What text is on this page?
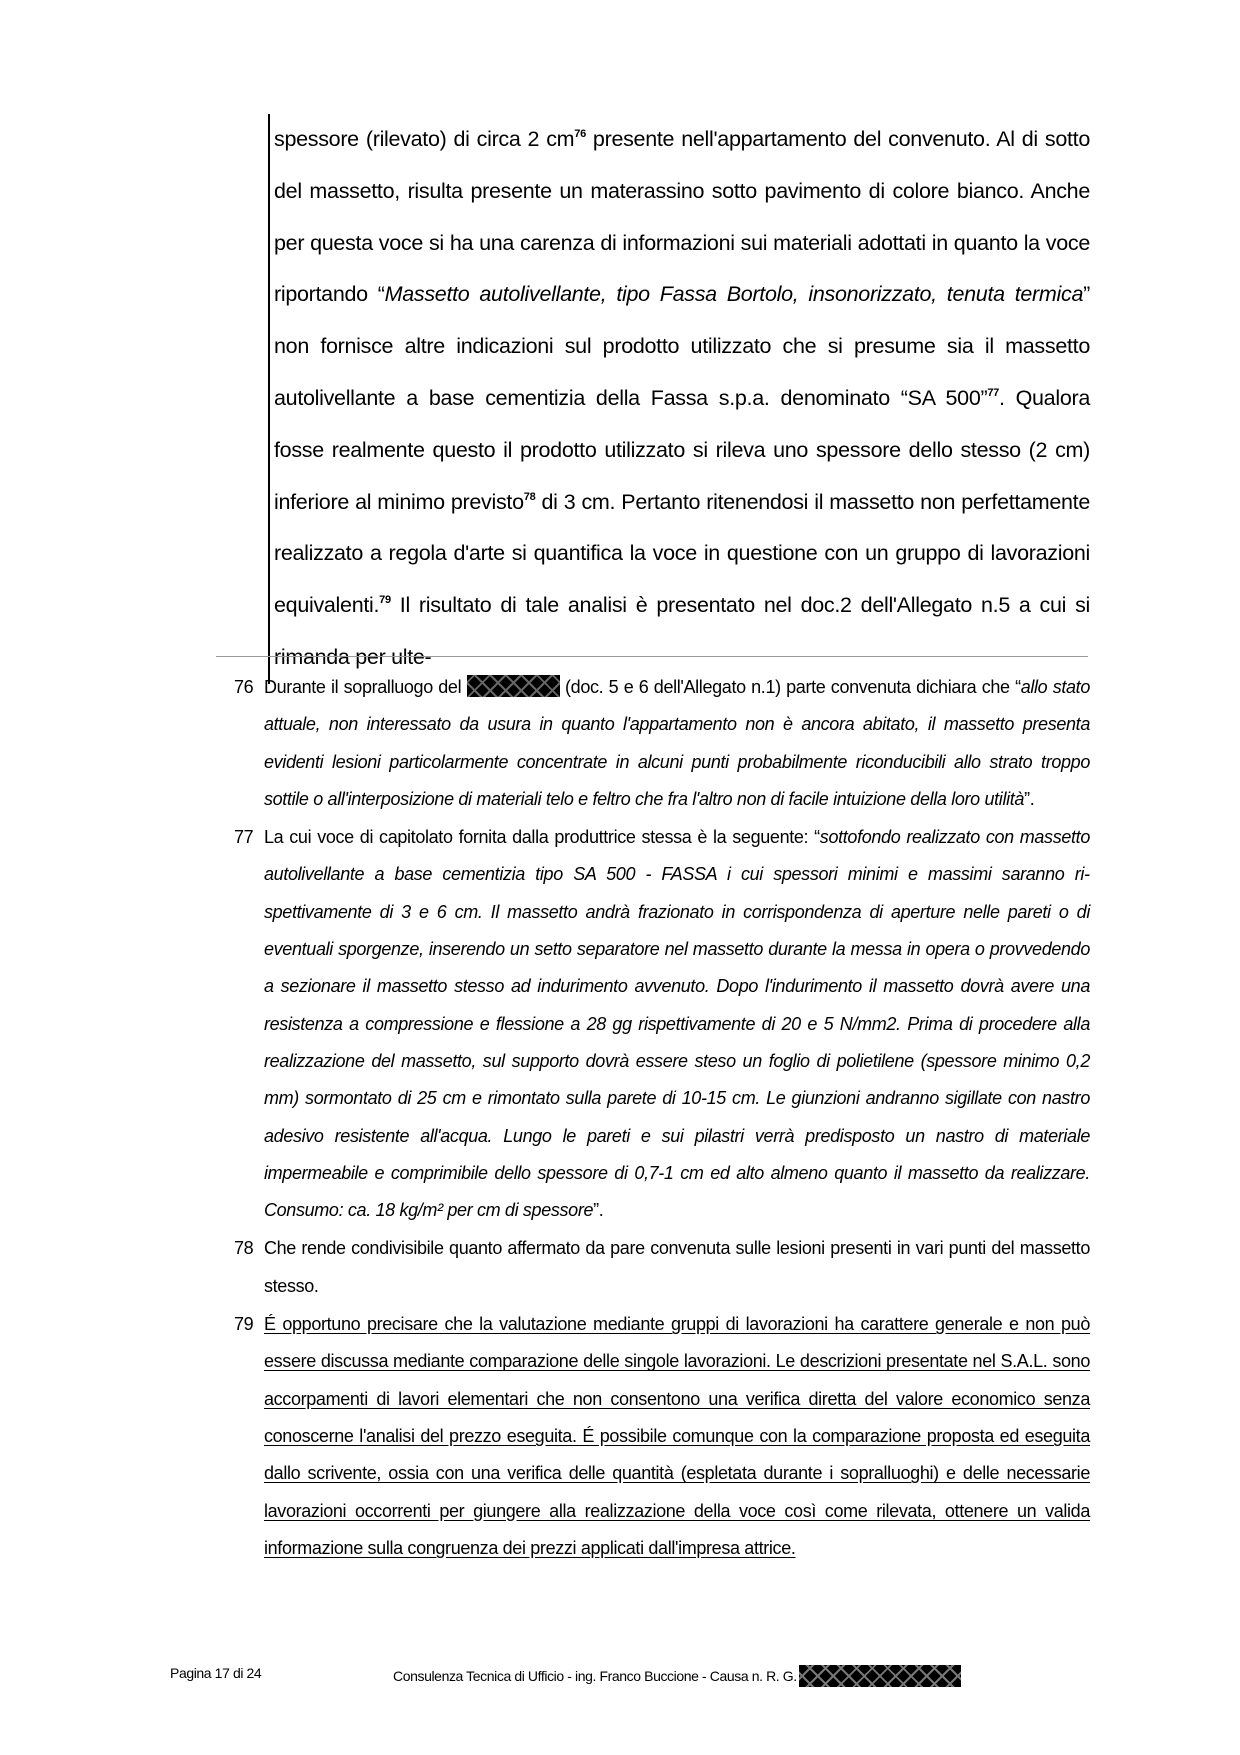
spessore (rilevato) di circa 2 $cm^{76}$ presente nell'appartamento del convenuto. Al di sotto del massetto, risulta presente un materassino sotto pavimento di colore bianco. Anche per questa voce si ha una carenza di informazioni sui materiali adottati in quanto la voce riportando “Massetto autolivellante, tipo Fassa Bortolo, insonorizzato, tenuta termica” non fornisce altre indicazioni sul prodotto utilizzato che si presume sia il massetto autolivellante a base cementizia della Fassa s.p.a. denominato “SA 500”$^{77}$. Qualora fosse realmente questo il prodotto utilizzato si rileva uno spessore dello stesso (2 cm) inferiore al minimo previsto$^{78}$ di 3 cm. Pertanto ritenendosi il massetto non perfettamente realizzato a regola d'arte si quantifica la voce in questione con un gruppo di lavorazioni equivalenti.$^{79}$ Il risultato di tale analisi è presentato nel doc.2 dell'Allegato n.5 a cui si rimanda per ulte-

76 Durante il sopralluogo del	(doc. 5 e 6 dell'Allegato n.1) parte convenuta dichiara che “allo stato attuale, non interessato da usura in quanto l'appartamento non è ancora abitato, il massetto presenta evidenti lesioni particolarmente concentrate in alcuni punti probabilmente riconducibili allo strato troppo sottile o all'interposizione di materiali telo e feltro che fra l'altro non di facile intuizione della loro utilità”.
77 La cui voce di capitolato fornita dalla produttrice stessa è la seguente: “sottofondo realizzato con massetto autolivellante a base cementizia tipo SA 500 - FASSA i cui spessori minimi e massimi saranno rispettivamente di 3 e 6 cm. Il massetto andrà frazionato in corrispondenza di aperture nelle pareti o di eventuali sporgenze, inserendo un setto separatore nel massetto durante la messa in opera o provvedendo a sezionare il massetto stesso ad indurimento avvenuto. Dopo l'indurimento il massetto dovrà avere una resistenza a compressione e flessione a 28 gg rispettivamente di 20 e 5 N/mm2. Prima di procedere alla realizzazione del massetto, sul supporto dovrà essere steso un foglio di polietilene (spessore minimo 0,2 mm) sormontato di 25 cm e rimontato sulla parete di 10-15 cm. Le giunzioni andranno sigillate con nastro adesivo resistente all'acqua. Lungo le pareti e sui pilastri verrà predisposto un nastro di materiale impermeabile e comprimibile dello spessore di 0,7-1 cm ed alto almeno quanto il massetto da realizzare. Consumo: ca. 18 kg/m² per cm di spessore”.
78 Che rende condivisibile quanto affermato da pare convenuta sulle lesioni presenti in vari punti del massetto stesso.
79 É opportuno precisare che la valutazione mediante gruppi di lavorazioni ha carattere generale e non può essere discussa mediante comparazione delle singole lavorazioni. Le descrizioni presentate nel S.A.L. sono accorpamenti di lavori elementari che non consentono una verifica diretta del valore economico senza conoscerne l'analisi del prezzo eseguita. É possibile comunque con la comparazione proposta ed eseguita dallo scrivente, ossia con una verifica delle quantità (espletata durante i sopralluoghi) e delle necessarie lavorazioni occorrenti per giungere alla realizzazione della voce così come rilevata, ottenere un valida informazione sulla congruenza dei prezzi applicati dall'impresa attrice.
Pagina 17 di 24	Consulenza Tecnica di Ufficio - ing. Franco Buccione - Causa n. R. G.
